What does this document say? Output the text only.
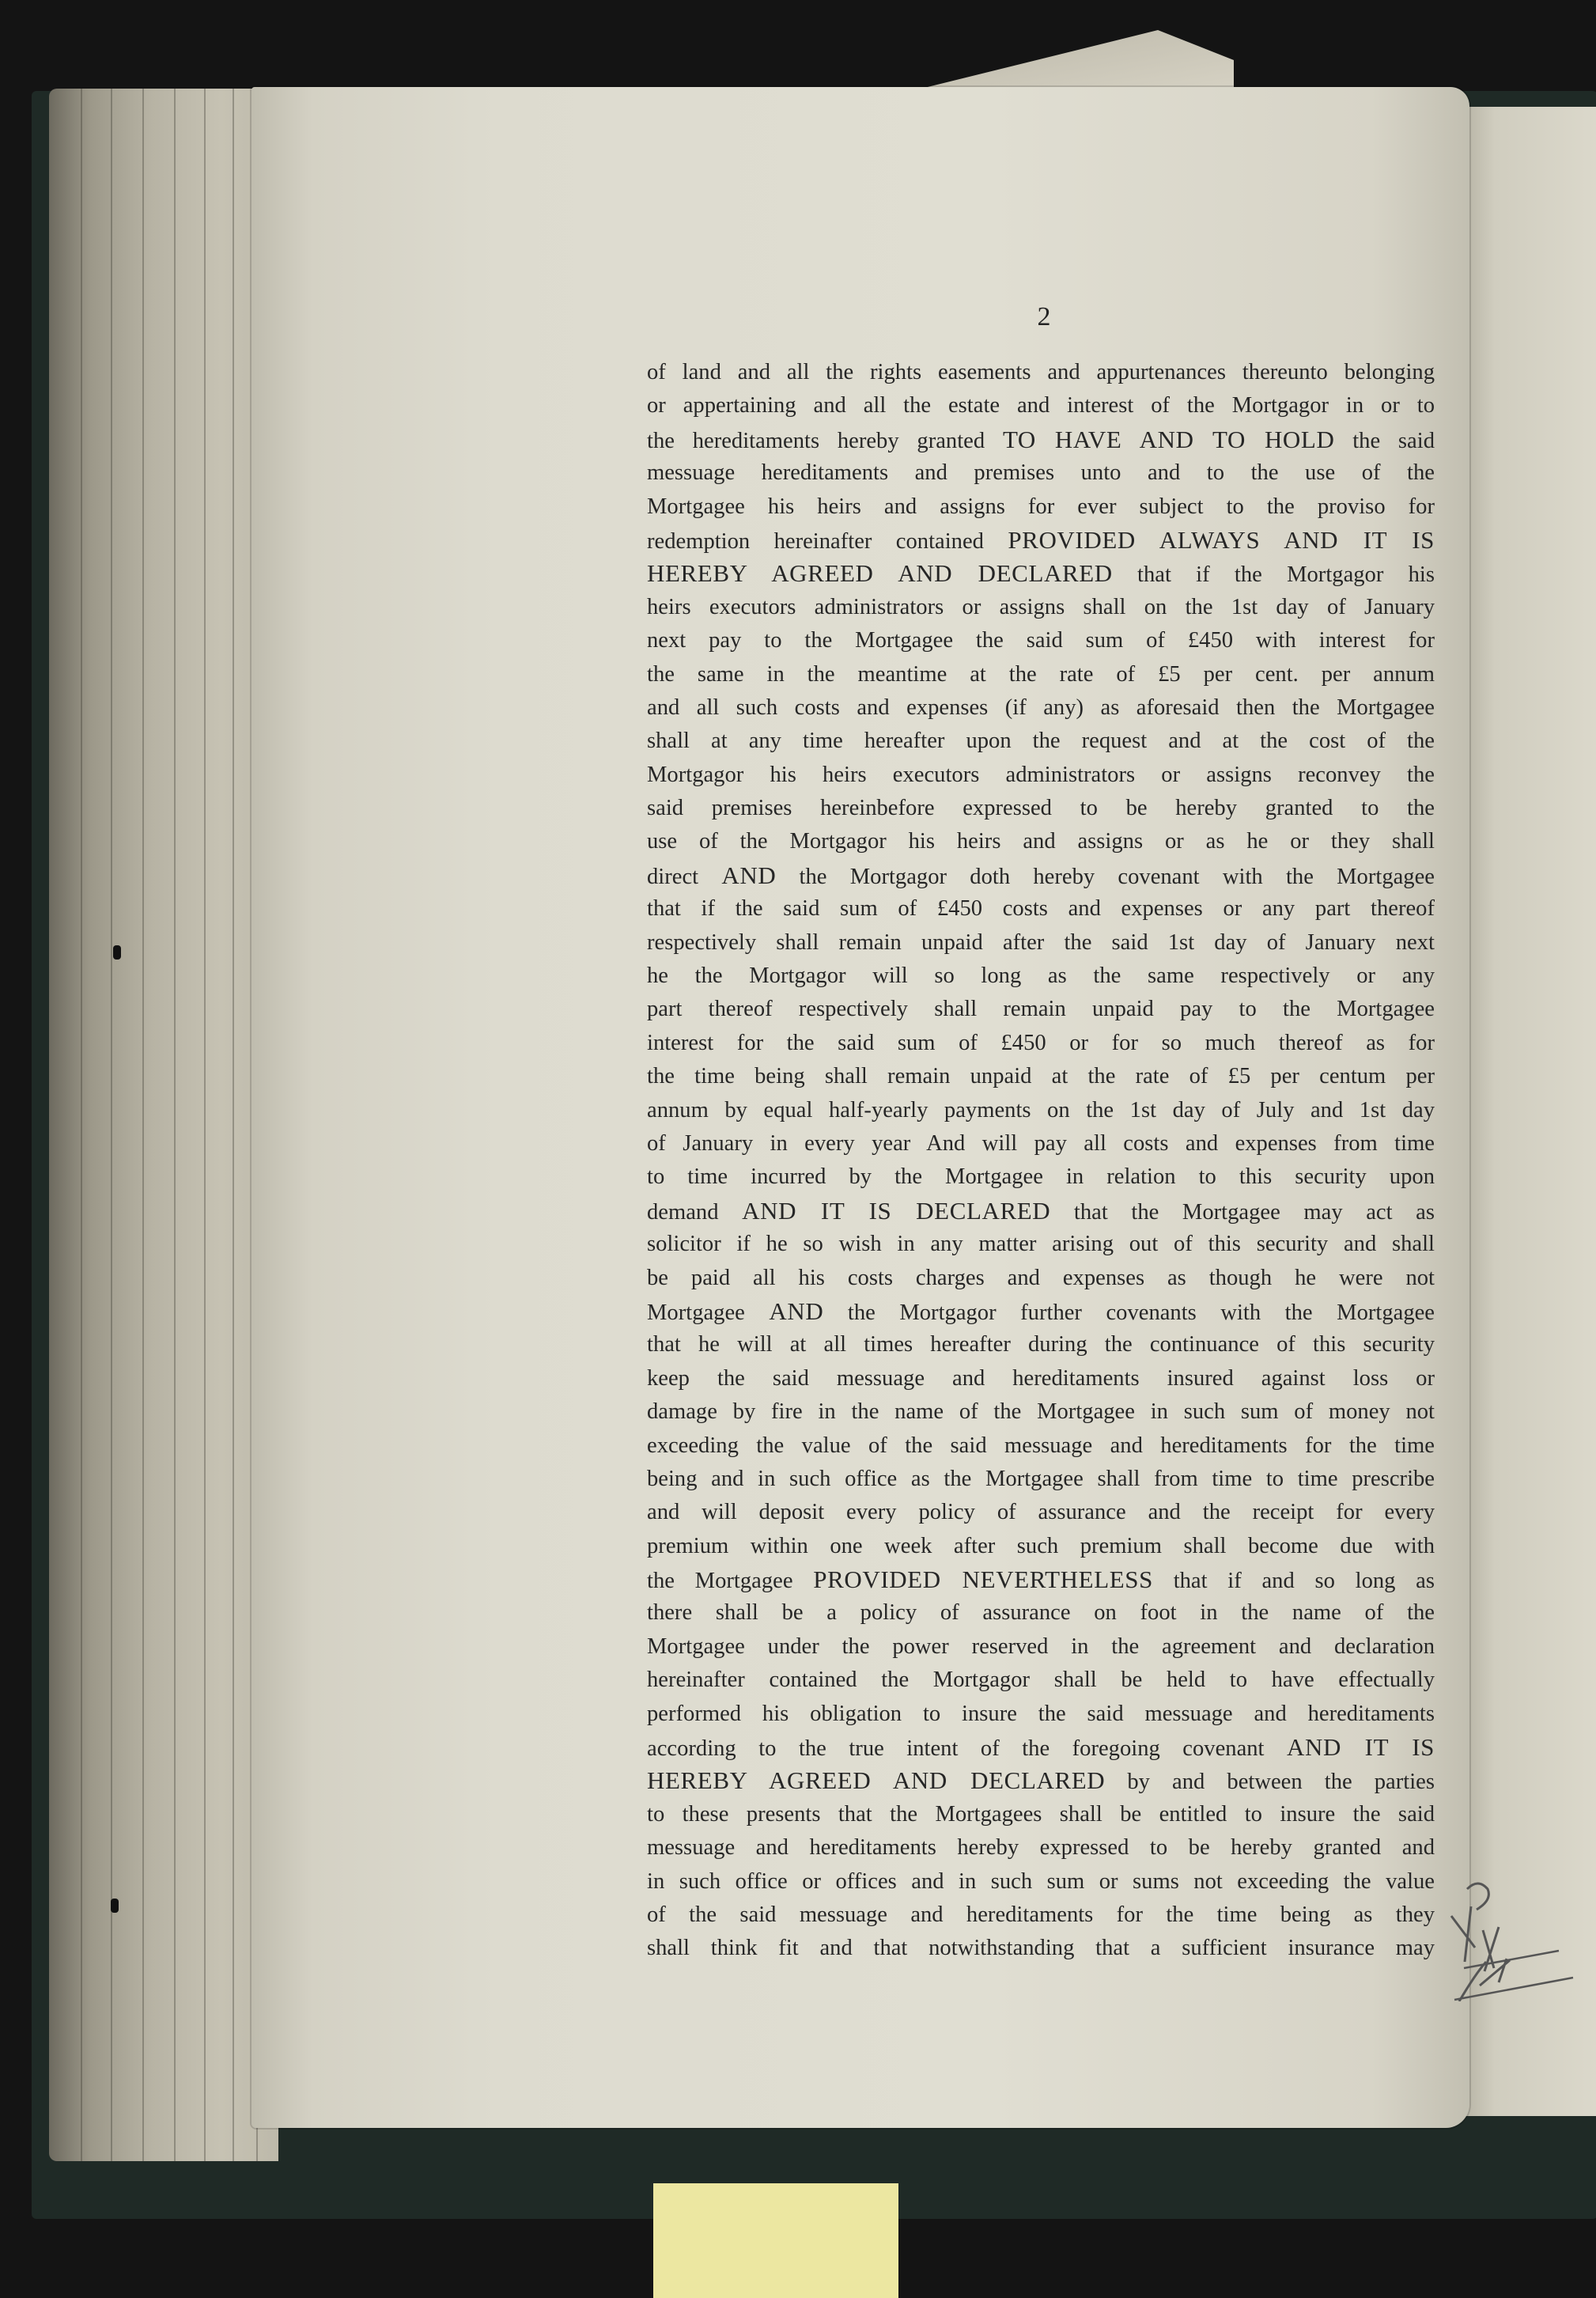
2
of land and all the rights easements and appurtenances thereunto belonging
or appertaining and all the estate and interest of the Mortgagor in or to
the hereditaments hereby granted TO HAVE AND TO HOLD the said
messuage hereditaments and premises unto and to the use of the
Mortgagee his heirs and assigns for ever subject to the proviso for
redemption hereinafter contained PROVIDED ALWAYS AND IT IS
HEREBY AGREED AND DECLARED that if the Mortgagor his
heirs executors administrators or assigns shall on the 1st day of January
next pay to the Mortgagee the said sum of £450 with interest for
the same in the meantime at the rate of £5 per cent. per annum
and all such costs and expenses (if any) as aforesaid then the Mortgagee
shall at any time hereafter upon the request and at the cost of the
Mortgagor his heirs executors administrators or assigns reconvey the
said premises hereinbefore expressed to be hereby granted to the
use of the Mortgagor his heirs and assigns or as he or they shall
direct AND the Mortgagor doth hereby covenant with the Mortgagee
that if the said sum of £450 costs and expenses or any part thereof
respectively shall remain unpaid after the said 1st day of January next
he the Mortgagor will so long as the same respectively or any
part thereof respectively shall remain unpaid pay to the Mortgagee
interest for the said sum of £450 or for so much thereof as for
the time being shall remain unpaid at the rate of £5 per centum per
annum by equal half-yearly payments on the 1st day of July and 1st day
of January in every year And will pay all costs and expenses from time
to time incurred by the Mortgagee in relation to this security upon
demand AND IT IS DECLARED that the Mortgagee may act as
solicitor if he so wish in any matter arising out of this security and shall
be paid all his costs charges and expenses as though he were not
Mortgagee AND the Mortgagor further covenants with the Mortgagee
that he will at all times hereafter during the continuance of this security
keep the said messuage and hereditaments insured against loss or
damage by fire in the name of the Mortgagee in such sum of money not
exceeding the value of the said messuage and hereditaments for the time
being and in such office as the Mortgagee shall from time to time prescribe
and will deposit every policy of assurance and the receipt for every
premium within one week after such premium shall become due with
the Mortgagee PROVIDED NEVERTHELESS that if and so long as
there shall be a policy of assurance on foot in the name of the
Mortgagee under the power reserved in the agreement and declaration
hereinafter contained the Mortgagor shall be held to have effectually
performed his obligation to insure the said messuage and hereditaments
according to the true intent of the foregoing covenant AND IT IS
HEREBY AGREED AND DECLARED by and between the parties
to these presents that the Mortgagees shall be entitled to insure the said
messuage and hereditaments hereby expressed to be hereby granted and
in such office or offices and in such sum or sums not exceeding the value
of the said messuage and hereditaments for the time being as they
shall think fit and that notwithstanding that a sufficient insurance may
